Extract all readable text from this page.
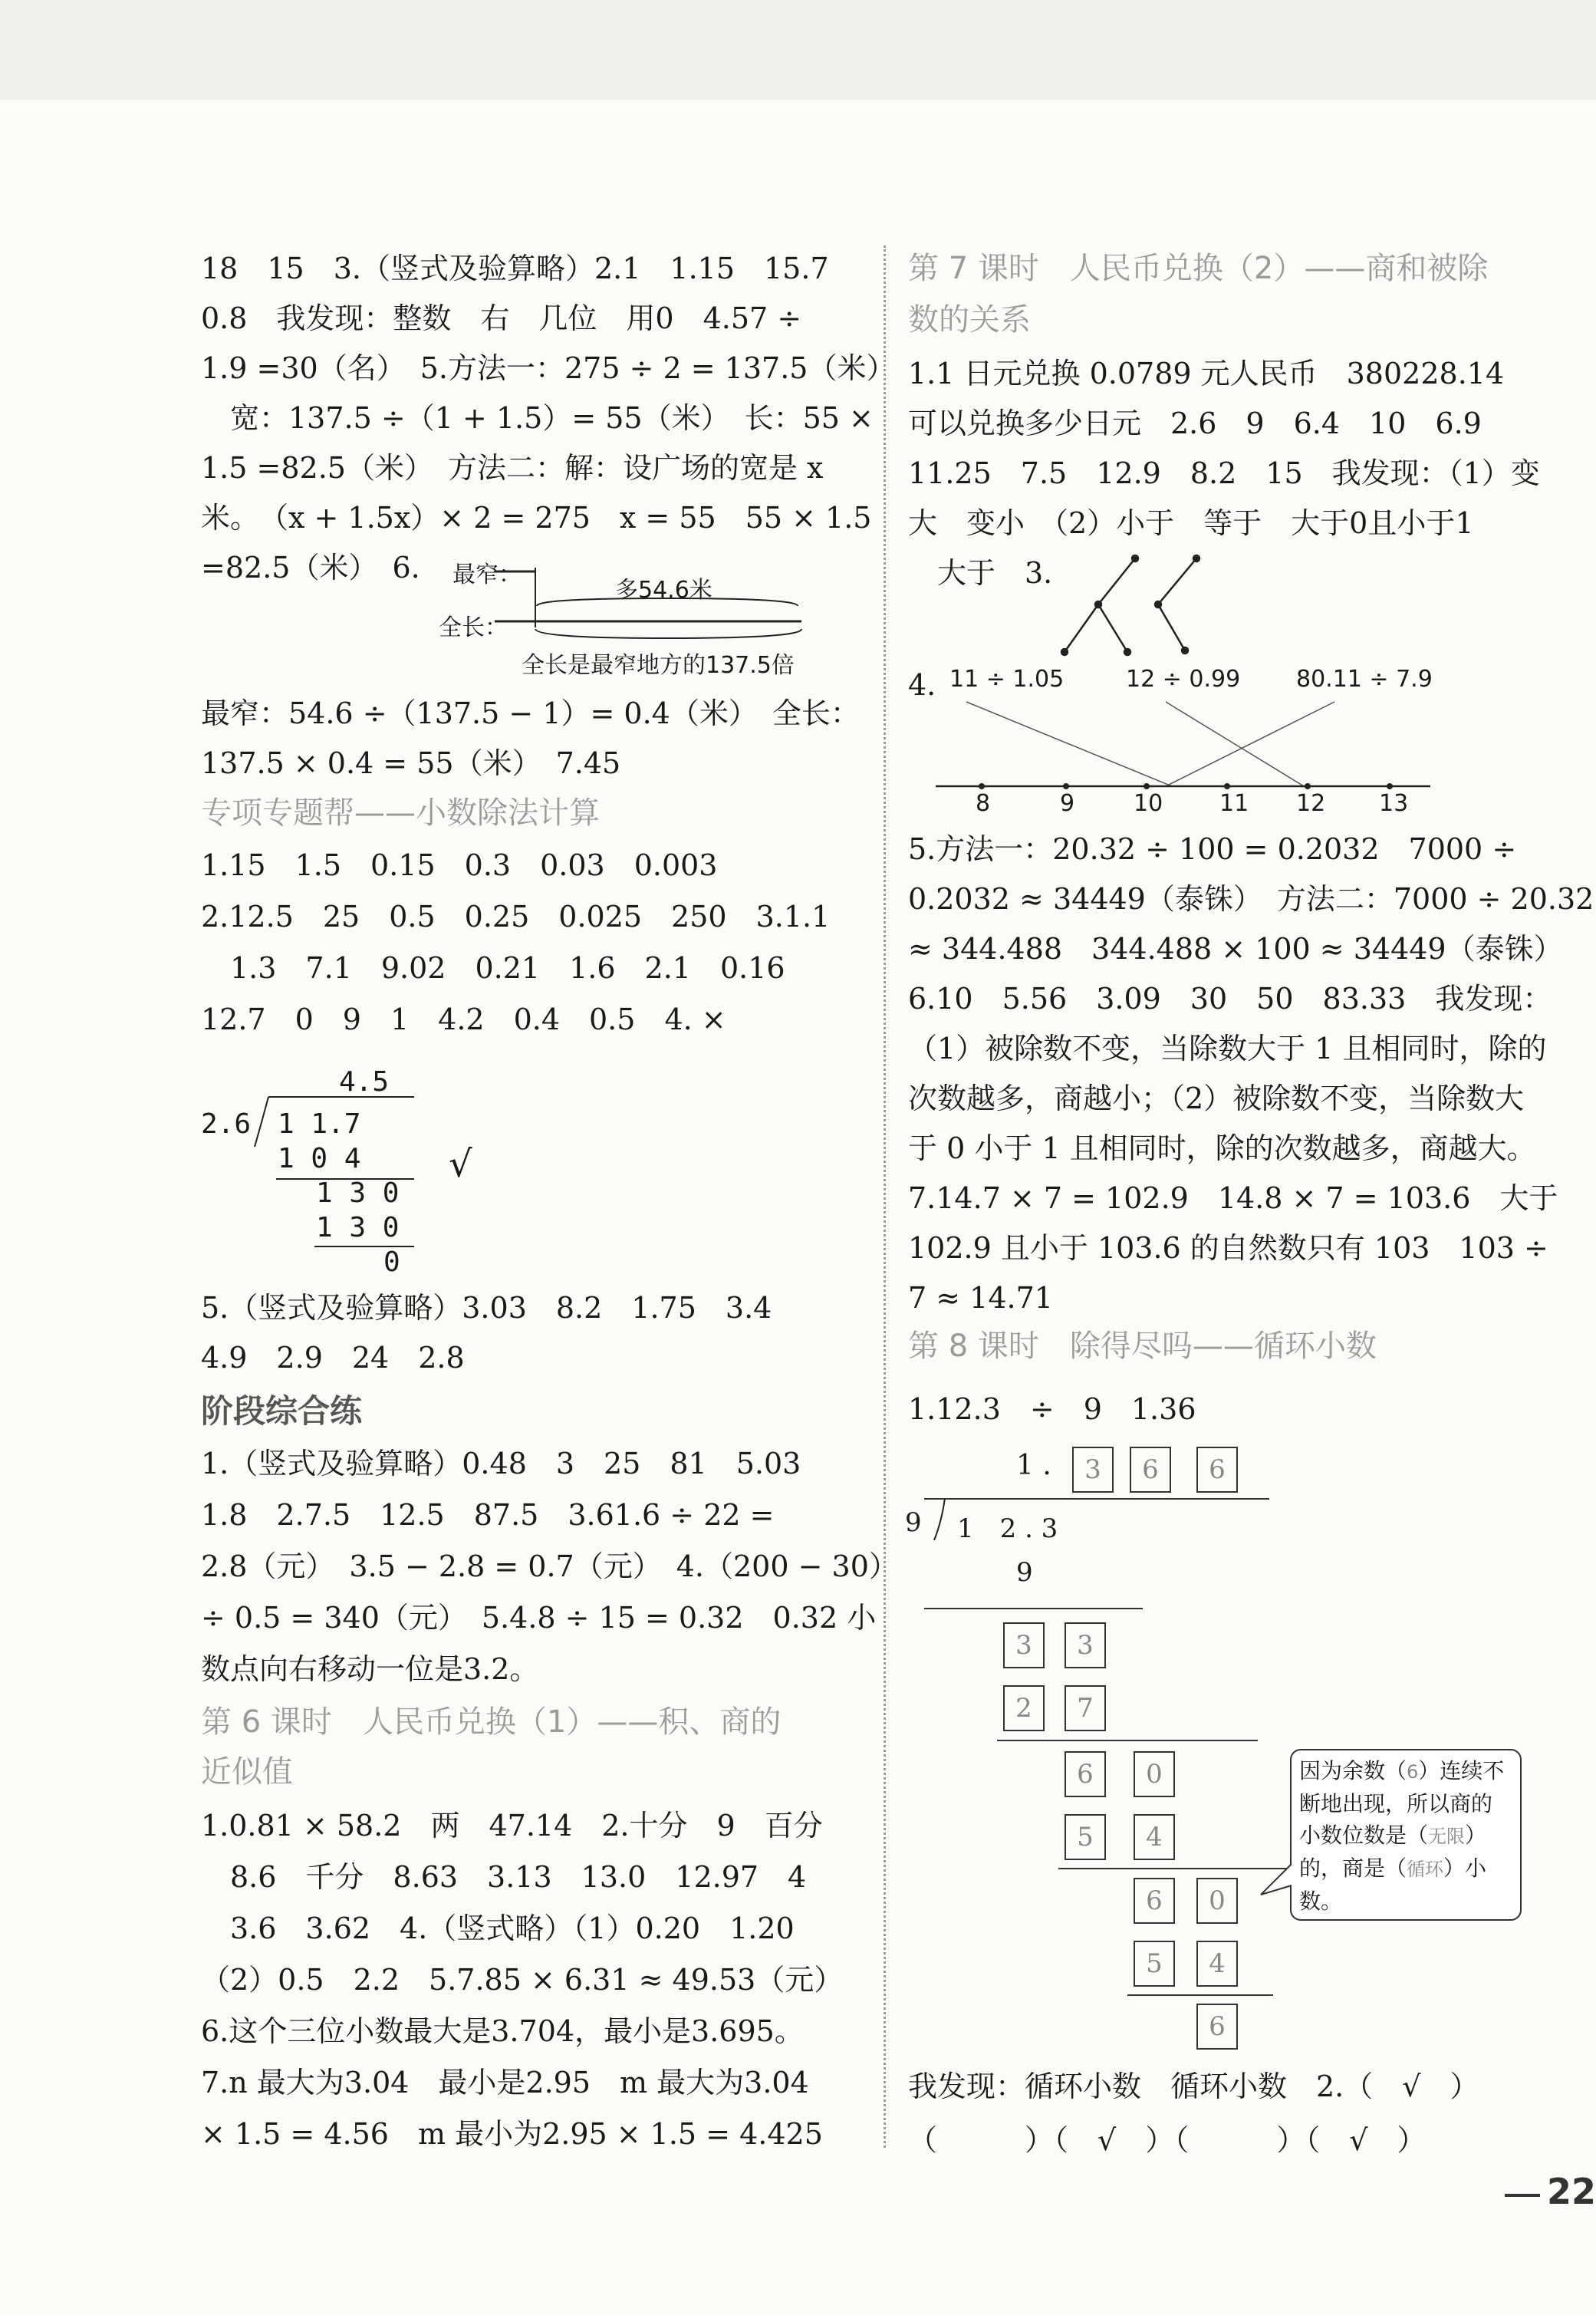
18　15　3.（竖式及验算略）2.1　1.15　15.7
0.8　我发现：整数　右　几位　用0　4.57 ÷
1.9 =30（名）　5.方法一：275 ÷ 2 = 137.5（米）
　宽：137.5 ÷（1 + 1.5）= 55（米）　长：55 ×
1.5 =82.5（米）　方法二：解：设广场的宽是 x
米。　（x + 1.5x）× 2 = 275　x = 55　55 × 1.5
=82.5（米）　6. 最窄：
全长：
多54.6米
全长是最窄地方的137.5倍
最窄：54.6 ÷（137.5 − 1）= 0.4（米）　全长：
137.5 × 0.4 = 55（米）　7.45
专项专题帮——小数除法计算
1.15　1.5　0.15　0.3　0.03　0.003
2.12.5　25　0.5　0.25　0.025　250　3.1.1
　1.3　7.1　9.02　0.21　1.6　2.1　0.16
12.7　0　9　1　4.2　0.4　0.5　4. ×
4.5
2.6 1 1.7
1 0 4
1 3 0
1 3 0
0
√
5.（竖式及验算略）3.03　8.2　1.75　3.4
4.9　2.9　24　2.8
阶段综合练
1.（竖式及验算略）0.48　3　25　81　5.03
1.8　2.7.5　12.5　87.5　3.61.6 ÷ 22 =
2.8（元）　3.5 − 2.8 = 0.7（元）　4.（200 − 30）
÷ 0.5 = 340（元）　5.4.8 ÷ 15 = 0.32　0.32 小
数点向右移动一位是3.2。
第 6 课时　人民币兑换（1）——积、商的
近似值
1.0.81 × 58.2　两　47.14　2.十分　9　百分
　8.6　千分　8.63　3.13　13.0　12.97　4
　3.6　3.62　4.（竖式略）（1）0.20　1.20
（2）0.5　2.2　5.7.85 × 6.31 ≈ 49.53（元）
6.这个三位小数最大是3.704，最小是3.695。
7.n 最大为3.04　最小是2.95　m 最大为3.04
× 1.5 = 4.56　m 最小为2.95 × 1.5 = 4.425
第 7 课时　人民币兑换（2）——商和被除
数的关系
1.1 日元兑换 0.0789 元人民币　380228.14
可以兑换多少日元　2.6　9　6.4　10　6.9
11.25　7.5　12.9　8.2　15　我发现：（1）变
大　变小　（2）小于　等于　大于0且小于1
　大于　3.
4. 11 ÷ 1.05	12 ÷ 0.99 80.11 ÷ 7.9
8	9	10 11 12 13
5.方法一：20.32 ÷ 100 = 0.2032　7000 ÷
0.2032 ≈ 34449（泰铢）　方法二：7000 ÷ 20.32
≈ 344.488　344.488 × 100 ≈ 34449（泰铢）
6.10　5.56　3.09　30　50　83.33　我发现：
（1）被除数不变，当除数大于 1 且相同时，除的
次数越多，商越小；（2）被除数不变，当除数大
于 0 小于 1 且相同时，除的次数越多，商越大。
7.14.7 × 7 = 102.9　14.8 × 7 = 103.6　大于
102.9 且小于 103.6 的自然数只有 103　103 ÷
7 ≈ 14.71
第 8 课时　除得尽吗——循环小数
1.12.3　÷　9　1.36
1 .	3	6	6
9 1　2 . 3
9
3	3
2	7
6	0
5	4
6	0
5	4
6
因为余数（6）连续不断地出现，所以商的小数位数是（无限）的，商是（循环）小数。
我发现：循环小数　循环小数　2.（　√　）
（　　　）（　√　）（　　　）（　√　）
22
